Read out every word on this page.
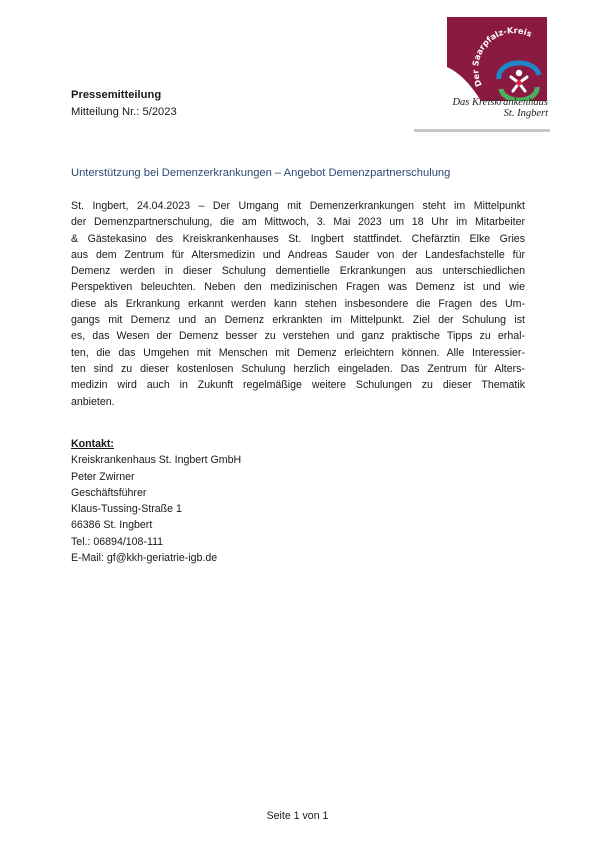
Der Saarpfalz-Kreis
Das Kreiskrankenhaus
St. Ingbert
Pressemitteilung
Mitteilung Nr.: 5/2023
Unterstützung bei Demenzerkrankungen – Angebot Demenzpartnerschulung
St. Ingbert, 24.04.2023 – Der Umgang mit Demenzerkrankungen steht im Mittelpunkt
der Demenzpartnerschulung, die am Mittwoch, 3. Mai 2023 um 18 Uhr im Mitarbeiter
& Gästekasino des Kreiskrankenhauses St. Ingbert stattfindet. Chefärztin Elke Gries
aus dem Zentrum für Altersmedizin und Andreas Sauder von der Landesfachstelle für
Demenz werden in dieser Schulung dementielle Erkrankungen aus unterschiedlichen
Perspektiven beleuchten. Neben den medizinischen Fragen was Demenz ist und wie
diese als Erkrankung erkannt werden kann stehen insbesondere die Fragen des Um-
gangs mit Demenz und an Demenz erkrankten im Mittelpunkt. Ziel der Schulung ist
es, das Wesen der Demenz besser zu verstehen und ganz praktische Tipps zu erhal-
ten, die das Umgehen mit Menschen mit Demenz erleichtern können. Alle Interessier-
ten sind zu dieser kostenlosen Schulung herzlich eingeladen. Das Zentrum für Alters-
medizin wird auch in Zukunft regelmäßige weitere Schulungen zu dieser Thematik
anbieten.
Kontakt:
Kreiskrankenhaus St. Ingbert GmbH
Peter Zwirner
Geschäftsführer
Klaus-Tussing-Straße 1
66386 St. Ingbert
Tel.: 06894/108-111
E-Mail: gf@kkh-geriatrie-igb.de
Seite 1 von 1
